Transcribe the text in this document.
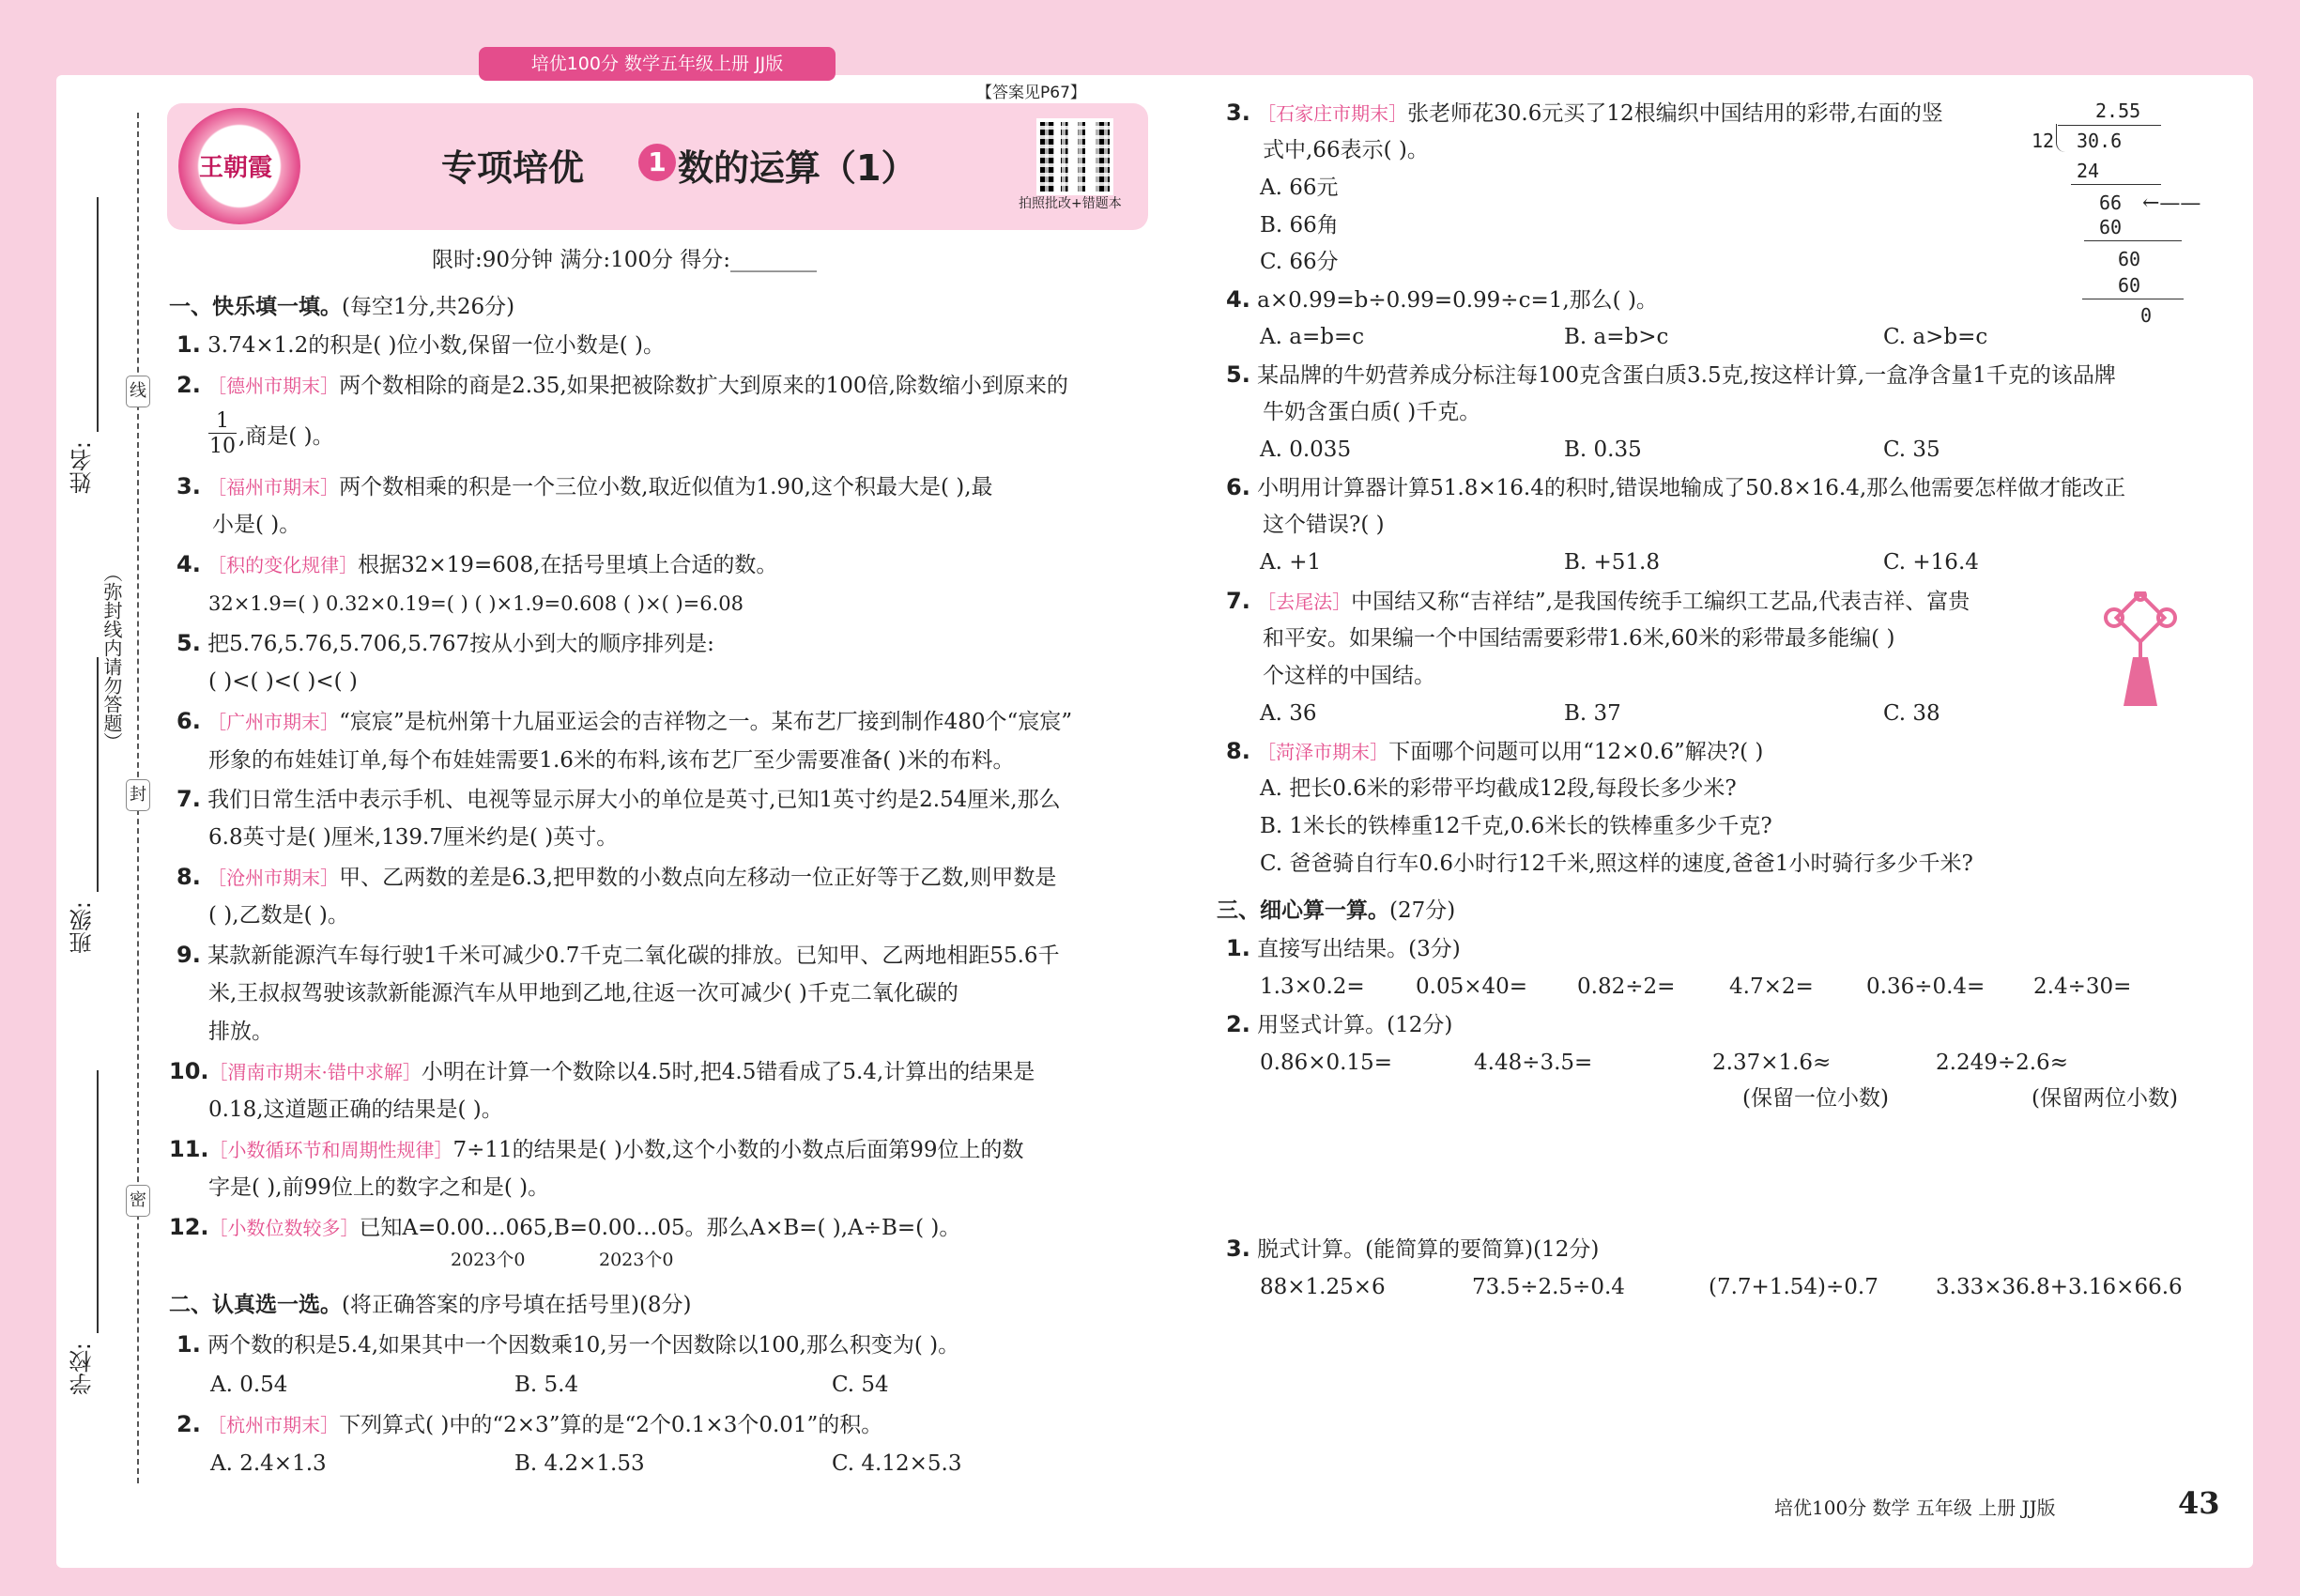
培优100分 数学五年级上册 JJ版
线
封
密
（弥封线内请勿答题）
姓名:
班级:
学校:
王朝霞	专项培优	1 数的运算（1）
【答案见P67】
拍照批改+错题本
限时:90分钟 满分:100分 得分:________
一、快乐填一填。(每空1分,共26分)
1. 3.74×1.2的积是( )位小数,保留一位小数是( )。
2. ［德州市期末］两个数相除的商是2.35,如果把被除数扩大到原来的100倍,除数缩小到原来的
$\frac{1}{10}$ ,商是( )。
3. ［福州市期末］两个数相乘的积是一个三位小数,取近似值为1.90,这个积最大是( ),最
小是( )。
4. ［积的变化规律］根据32×19=608,在括号里填上合适的数。
32×1.9=( ) 0.32×0.19=( ) ( )×1.9=0.608 ( )×( )=6.08
5. 把5.76,5.76,5.706,5.767按从小到大的顺序排列是:
( )<( )<( )<( )
6. ［广州市期末］“宸宸”是杭州第十九届亚运会的吉祥物之一。某布艺厂接到制作480个“宸宸”
形象的布娃娃订单,每个布娃娃需要1.6米的布料,该布艺厂至少需要准备( )米的布料。
7. 我们日常生活中表示手机、电视等显示屏大小的单位是英寸,已知1英寸约是2.54厘米,那么
6.8英寸是( )厘米,139.7厘米约是( )英寸。
8. ［沧州市期末］甲、乙两数的差是6.3,把甲数的小数点向左移动一位正好等于乙数,则甲数是
( ),乙数是( )。
9. 某款新能源汽车每行驶1千米可减少0.7千克二氧化碳的排放。已知甲、乙两地相距55.6千
米,王叔叔驾驶该款新能源汽车从甲地到乙地,往返一次可减少( )千克二氧化碳的
排放。
10.［渭南市期末·错中求解］小明在计算一个数除以4.5时,把4.5错看成了5.4,计算出的结果是
0.18,这道题正确的结果是( )。
11.［小数循环节和周期性规律］7÷11的结果是( )小数,这个小数的小数点后面第99位上的数
字是( ),前99位上的数字之和是( )。
12.［小数位数较多］已知A=0.00…065,B=0.00…05。那么A×B=( ),A÷B=( )。
2023个0	2023个0
二、认真选一选。(将正确答案的序号填在括号里)(8分)
1. 两个数的积是5.4,如果其中一个因数乘10,另一个因数除以100,那么积变为( )。
A. 0.54	B. 5.4	C. 54
2. ［杭州市期末］下列算式( )中的“2×3”算的是“2个0.1×3个0.01”的积。
A. 2.4×1.3	B. 4.2×1.53	C. 4.12×5.3
3. ［石家庄市期末］张老师花30.6元买了12根编织中国结用的彩带,右面的竖
式中,66表示( )。
A. 66元
B. 66角
C. 66分
2.55
12 30.6
24
66 ←——
60
60
60
0
4. a×0.99=b÷0.99=0.99÷c=1,那么( )。
A. a=b=c	B. a=b>c	C. a>b=c
5. 某品牌的牛奶营养成分标注每100克含蛋白质3.5克,按这样计算,一盒净含量1千克的该品牌
牛奶含蛋白质( )千克。
A. 0.035	B. 0.35	C. 35
6. 小明用计算器计算51.8×16.4的积时,错误地输成了50.8×16.4,那么他需要怎样做才能改正
这个错误?( )
A. +1	B. +51.8	C. +16.4
7. ［去尾法］中国结又称“吉祥结”,是我国传统手工编织工艺品,代表吉祥、富贵
和平安。如果编一个中国结需要彩带1.6米,60米的彩带最多能编( )
个这样的中国结。
A. 36	B. 37	C. 38
8. ［菏泽市期末］下面哪个问题可以用“12×0.6”解决?( )
A. 把长0.6米的彩带平均截成12段,每段长多少米?
B. 1米长的铁棒重12千克,0.6米长的铁棒重多少千克?
C. 爸爸骑自行车0.6小时行12千米,照这样的速度,爸爸1小时骑行多少千米?
三、细心算一算。(27分)
1. 直接写出结果。(3分)
1.3×0.2= 0.05×40= 0.82÷2=	4.7×2= 0.36÷0.4= 2.4÷30=
2. 用竖式计算。(12分)
0.86×0.15=	4.48÷3.5=	2.37×1.6≈	2.249÷2.6≈
(保留一位小数)	(保留两位小数)
3. 脱式计算。(能简算的要简算)(12分)
88×1.25×6	73.5÷2.5÷0.4	(7.7+1.54)÷0.7	3.33×36.8+3.16×66.6
培优100分 数学 五年级 上册 JJ版	43
